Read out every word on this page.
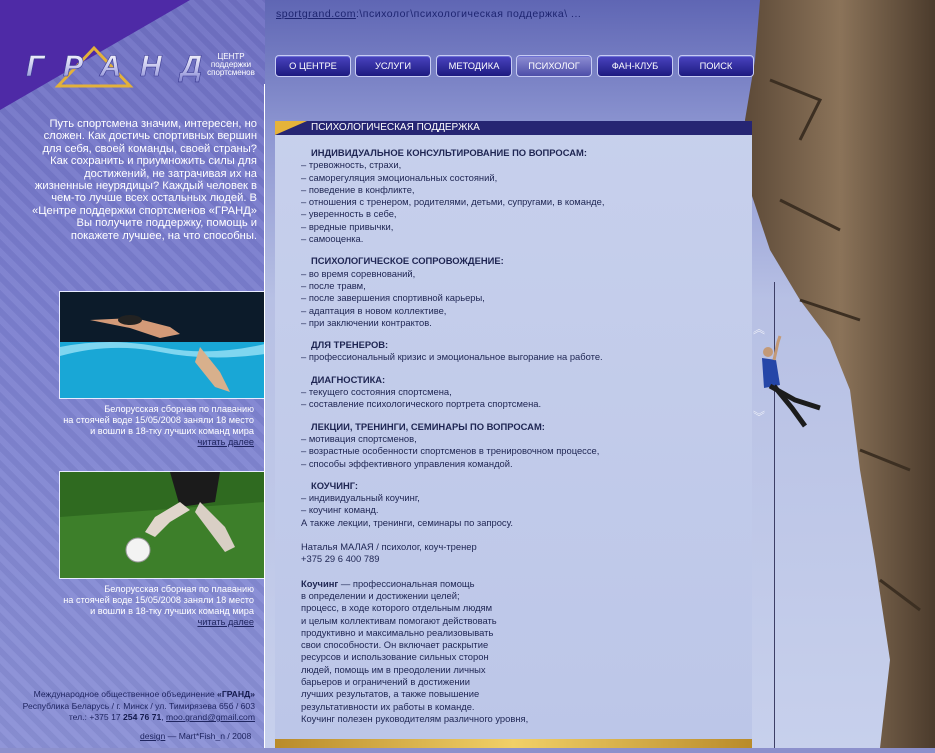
ГРАНД	ЦЕНТР поддержки спортсменов
Путь спортсмена значим, интересен, но сложен. Как достичь спортивных вершин для себя, своей команды, своей страны? Как сохранить и приумножить силы для достижений, не затрачивая их на жизненные неурядицы? Каждый человек в чем-то лучше всех остальных людей. В «Центре поддержки спортсменов «ГРАНД» Вы получите поддержку, помощь и покажете лучшее, на что способны.
Белорусская сборная по плаванию
на стоячей воде 15/05/2008 заняли 18 место
и вошли в 18-тку лучших команд мира
читать далее
Белорусская сборная по плаванию
на стоячей воде 15/05/2008 заняли 18 место
и вошли в 18-тку лучших команд мира
читать далее
Международное общественное объединение «ГРАНД»
Республика Беларусь / г. Минск / ул. Тимирязева 65б / 603
тел.: +375 17 254 76 71, moo.grand@gmail.com
design — Mart*Fish_n / 2008
︽
︾
sportgrand.com:\психолог\психологическая поддержка\ ...
О ЦЕНТРЕ	УСЛУГИ	МЕТОДИКА	ПСИХОЛОГ	ФАН-КЛУБ	ПОИСК
ПСИХОЛОГИЧЕСКАЯ ПОДДЕРЖКА
ИНДИВИДУАЛЬНОЕ КОНСУЛЬТИРОВАНИЕ ПО ВОПРОСАМ:
– тревожность, страхи,
– саморегуляция эмоциональных состояний,
– поведение в конфликте,
– отношения с тренером, родителями, детьми, супругами, в команде,
– уверенность в себе,
– вредные привычки,
– самооценка.
ПСИХОЛОГИЧЕСКОЕ СОПРОВОЖДЕНИЕ:
– во время соревнований,
– после травм,
– после завершения спортивной карьеры,
– адаптация в новом коллективе,
– при заключении контрактов.
ДЛЯ ТРЕНЕРОВ:
– профессиональный кризис и эмоциональное выгорание на работе.
ДИАГНОСТИКА:
– текущего состояния спортсмена,
– составление психологического портрета спортсмена.
ЛЕКЦИИ, ТРЕНИНГИ, СЕМИНАРЫ ПО ВОПРОСАМ:
– мотивация спортсменов,
– возрастные особенности спортсменов в тренировочном процессе,
– способы эффективного управления командой.
КОУЧИНГ:
– индивидуальный коучинг,
– коучинг команд.
А также лекции, тренинги, семинары по запросу.
Наталья МАЛАЯ / психолог, коуч-тренер
+375 29 6 400 789
Коучинг — профессиональная помощь
в определении и достижении целей;
процесс, в ходе которого отдельным людям
и целым коллективам помогают действовать
продуктивно и максимально реализовывать
свои способности. Он включает раскрытие
ресурсов и использование сильных сторон
людей, помощь им в преодолении личных
барьеров и ограничений в достижении
лучших результатов, а также повышение
результативности их работы в команде.
Коучинг полезен руководителям различного уровня,
